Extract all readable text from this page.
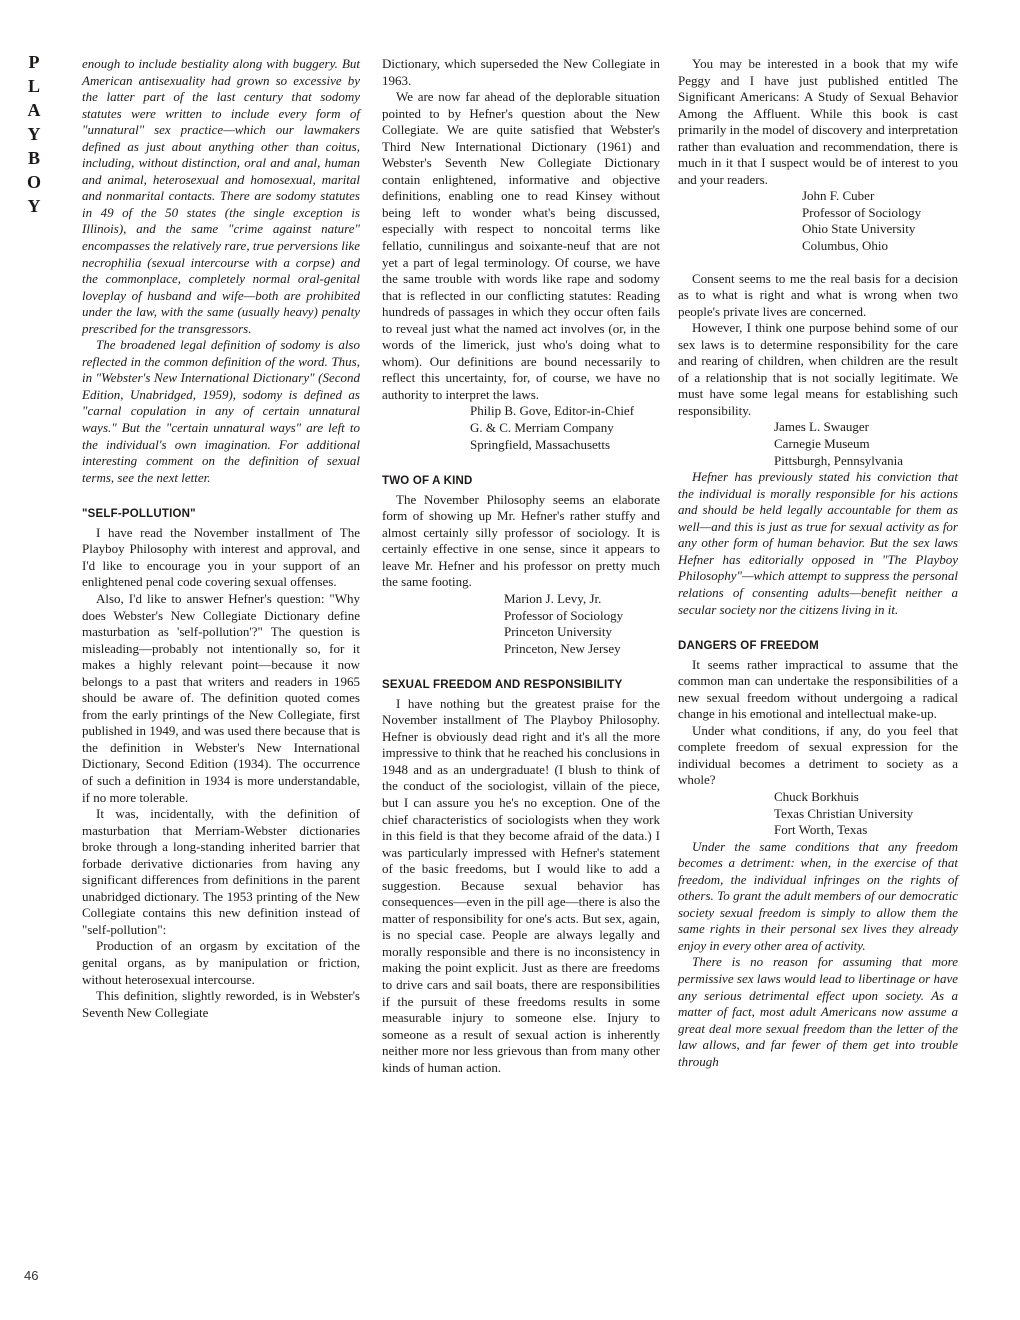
P
L
A
Y
B
O
Y
46

enough to include bestiality along with buggery. But American antisexuality had grown so excessive by the latter part of the last century that sodomy statutes were written to include every form of "unnatural" sex practice—which our lawmakers defined as just about anything other than coitus, including, without distinction, oral and anal, human and animal, heterosexual and homosexual, marital and nonmarital contacts. There are sodomy statutes in 49 of the 50 states (the single exception is Illinois), and the same "crime against nature" encompasses the relatively rare, true perversions like necrophilia (sexual intercourse with a corpse) and the commonplace, completely normal oral-genital loveplay of husband and wife—both are prohibited under the law, with the same (usually heavy) penalty prescribed for the transgressors.

The broadened legal definition of sodomy is also reflected in the common definition of the word. Thus, in "Webster's New International Dictionary" (Second Edition, Unabridged, 1959), sodomy is defined as "carnal copulation in any of certain unnatural ways." But the "certain unnatural ways" are left to the individual's own imagination. For additional interesting comment on the definition of sexual terms, see the next letter.

"SELF-POLLUTION"

I have read the November installment of The Playboy Philosophy with interest and approval, and I'd like to encourage you in your support of an enlightened penal code covering sexual offenses.

Also, I'd like to answer Hefner's question: "Why does Webster's New Collegiate Dictionary define masturbation as 'self-pollution'?" The question is misleading—probably not intentionally so, for it makes a highly relevant point—because it now belongs to a past that writers and readers in 1965 should be aware of. The definition quoted comes from the early printings of the New Collegiate, first published in 1949, and was used there because that is the definition in Webster's New International Dictionary, Second Edition (1934). The occurrence of such a definition in 1934 is more understandable, if no more tolerable.

It was, incidentally, with the definition of masturbation that Merriam-Webster dictionaries broke through a long-standing inherited barrier that forbade derivative dictionaries from having any significant differences from definitions in the parent unabridged dictionary. The 1953 printing of the New Collegiate contains this new definition instead of "self-pollution":

Production of an orgasm by excitation of the genital organs, as by manipulation or friction, without heterosexual intercourse.

This definition, slightly reworded, is in Webster's Seventh New Collegiate

Dictionary, which superseded the New Collegiate in 1963.

We are now far ahead of the deplorable situation pointed to by Hefner's question about the New Collegiate. We are quite satisfied that Webster's Third New International Dictionary (1961) and Webster's Seventh New Collegiate Dictionary contain enlightened, informative and objective definitions, enabling one to read Kinsey without being left to wonder what's being discussed, especially with respect to noncoital terms like fellatio, cunnilingus and soixante-neuf that are not yet a part of legal terminology. Of course, we have the same trouble with words like rape and sodomy that is reflected in our conflicting statutes: Reading hundreds of passages in which they occur often fails to reveal just what the named act involves (or, in the words of the limerick, just who's doing what to whom). Our definitions are bound necessarily to reflect this uncertainty, for, of course, we have no authority to interpret the laws.

Philip B. Gove, Editor-in-Chief
G. & C. Merriam Company
Springfield, Massachusetts
TWO OF A KIND

The November Philosophy seems an elaborate form of showing up Mr. Hefner's rather stuffy and almost certainly silly professor of sociology. It is certainly effective in one sense, since it appears to leave Mr. Hefner and his professor on pretty much the same footing.

Marion J. Levy, Jr.
Professor of Sociology
Princeton University
Princeton, New Jersey
SEXUAL FREEDOM AND RESPONSIBILITY

I have nothing but the greatest praise for the November installment of The Playboy Philosophy. Hefner is obviously dead right and it's all the more impressive to think that he reached his conclusions in 1948 and as an undergraduate! (I blush to think of the conduct of the sociologist, villain of the piece, but I can assure you he's no exception. One of the chief characteristics of sociologists when they work in this field is that they become afraid of the data.) I was particularly impressed with Hefner's statement of the basic freedoms, but I would like to add a suggestion. Because sexual behavior has consequences—even in the pill age—there is also the matter of responsibility for one's acts. But sex, again, is no special case. People are always legally and morally responsible and there is no inconsistency in making the point explicit. Just as there are freedoms to drive cars and sail boats, there are responsibilities if the pursuit of these freedoms results in some measurable injury to someone else. Injury to someone as a result of sexual action is inherently neither more nor less grievous than from many other kinds of human action.

You may be interested in a book that my wife Peggy and I have just published entitled The Significant Americans: A Study of Sexual Behavior Among the Affluent. While this book is cast primarily in the model of discovery and interpretation rather than evaluation and recommendation, there is much in it that I suspect would be of interest to you and your readers.

John F. Cuber
Professor of Sociology
Ohio State University
Columbus, Ohio

Consent seems to me the real basis for a decision as to what is right and what is wrong when two people's private lives are concerned.

However, I think one purpose behind some of our sex laws is to determine responsibility for the care and rearing of children, when children are the result of a relationship that is not socially legitimate. We must have some legal means for establishing such responsibility.

James L. Swauger
Carnegie Museum
Pittsburgh, Pennsylvania

Hefner has previously stated his conviction that the individual is morally responsible for his actions and should be held legally accountable for them as well—and this is just as true for sexual activity as for any other form of human behavior. But the sex laws Hefner has editorially opposed in "The Playboy Philosophy"—which attempt to suppress the personal relations of consenting adults—benefit neither a secular society nor the citizens living in it.

DANGERS OF FREEDOM

It seems rather impractical to assume that the common man can undertake the responsibilities of a new sexual freedom without undergoing a radical change in his emotional and intellectual make-up.

Under what conditions, if any, do you feel that complete freedom of sexual expression for the individual becomes a detriment to society as a whole?

Chuck Borkhuis
Texas Christian University
Fort Worth, Texas

Under the same conditions that any freedom becomes a detriment: when, in the exercise of that freedom, the individual infringes on the rights of others. To grant the adult members of our democratic society sexual freedom is simply to allow them the same rights in their personal sex lives they already enjoy in every other area of activity.

There is no reason for assuming that more permissive sex laws would lead to libertinage or have any serious detrimental effect upon society. As a matter of fact, most adult Americans now assume a great deal more sexual freedom than the letter of the law allows, and far fewer of them get into trouble through
